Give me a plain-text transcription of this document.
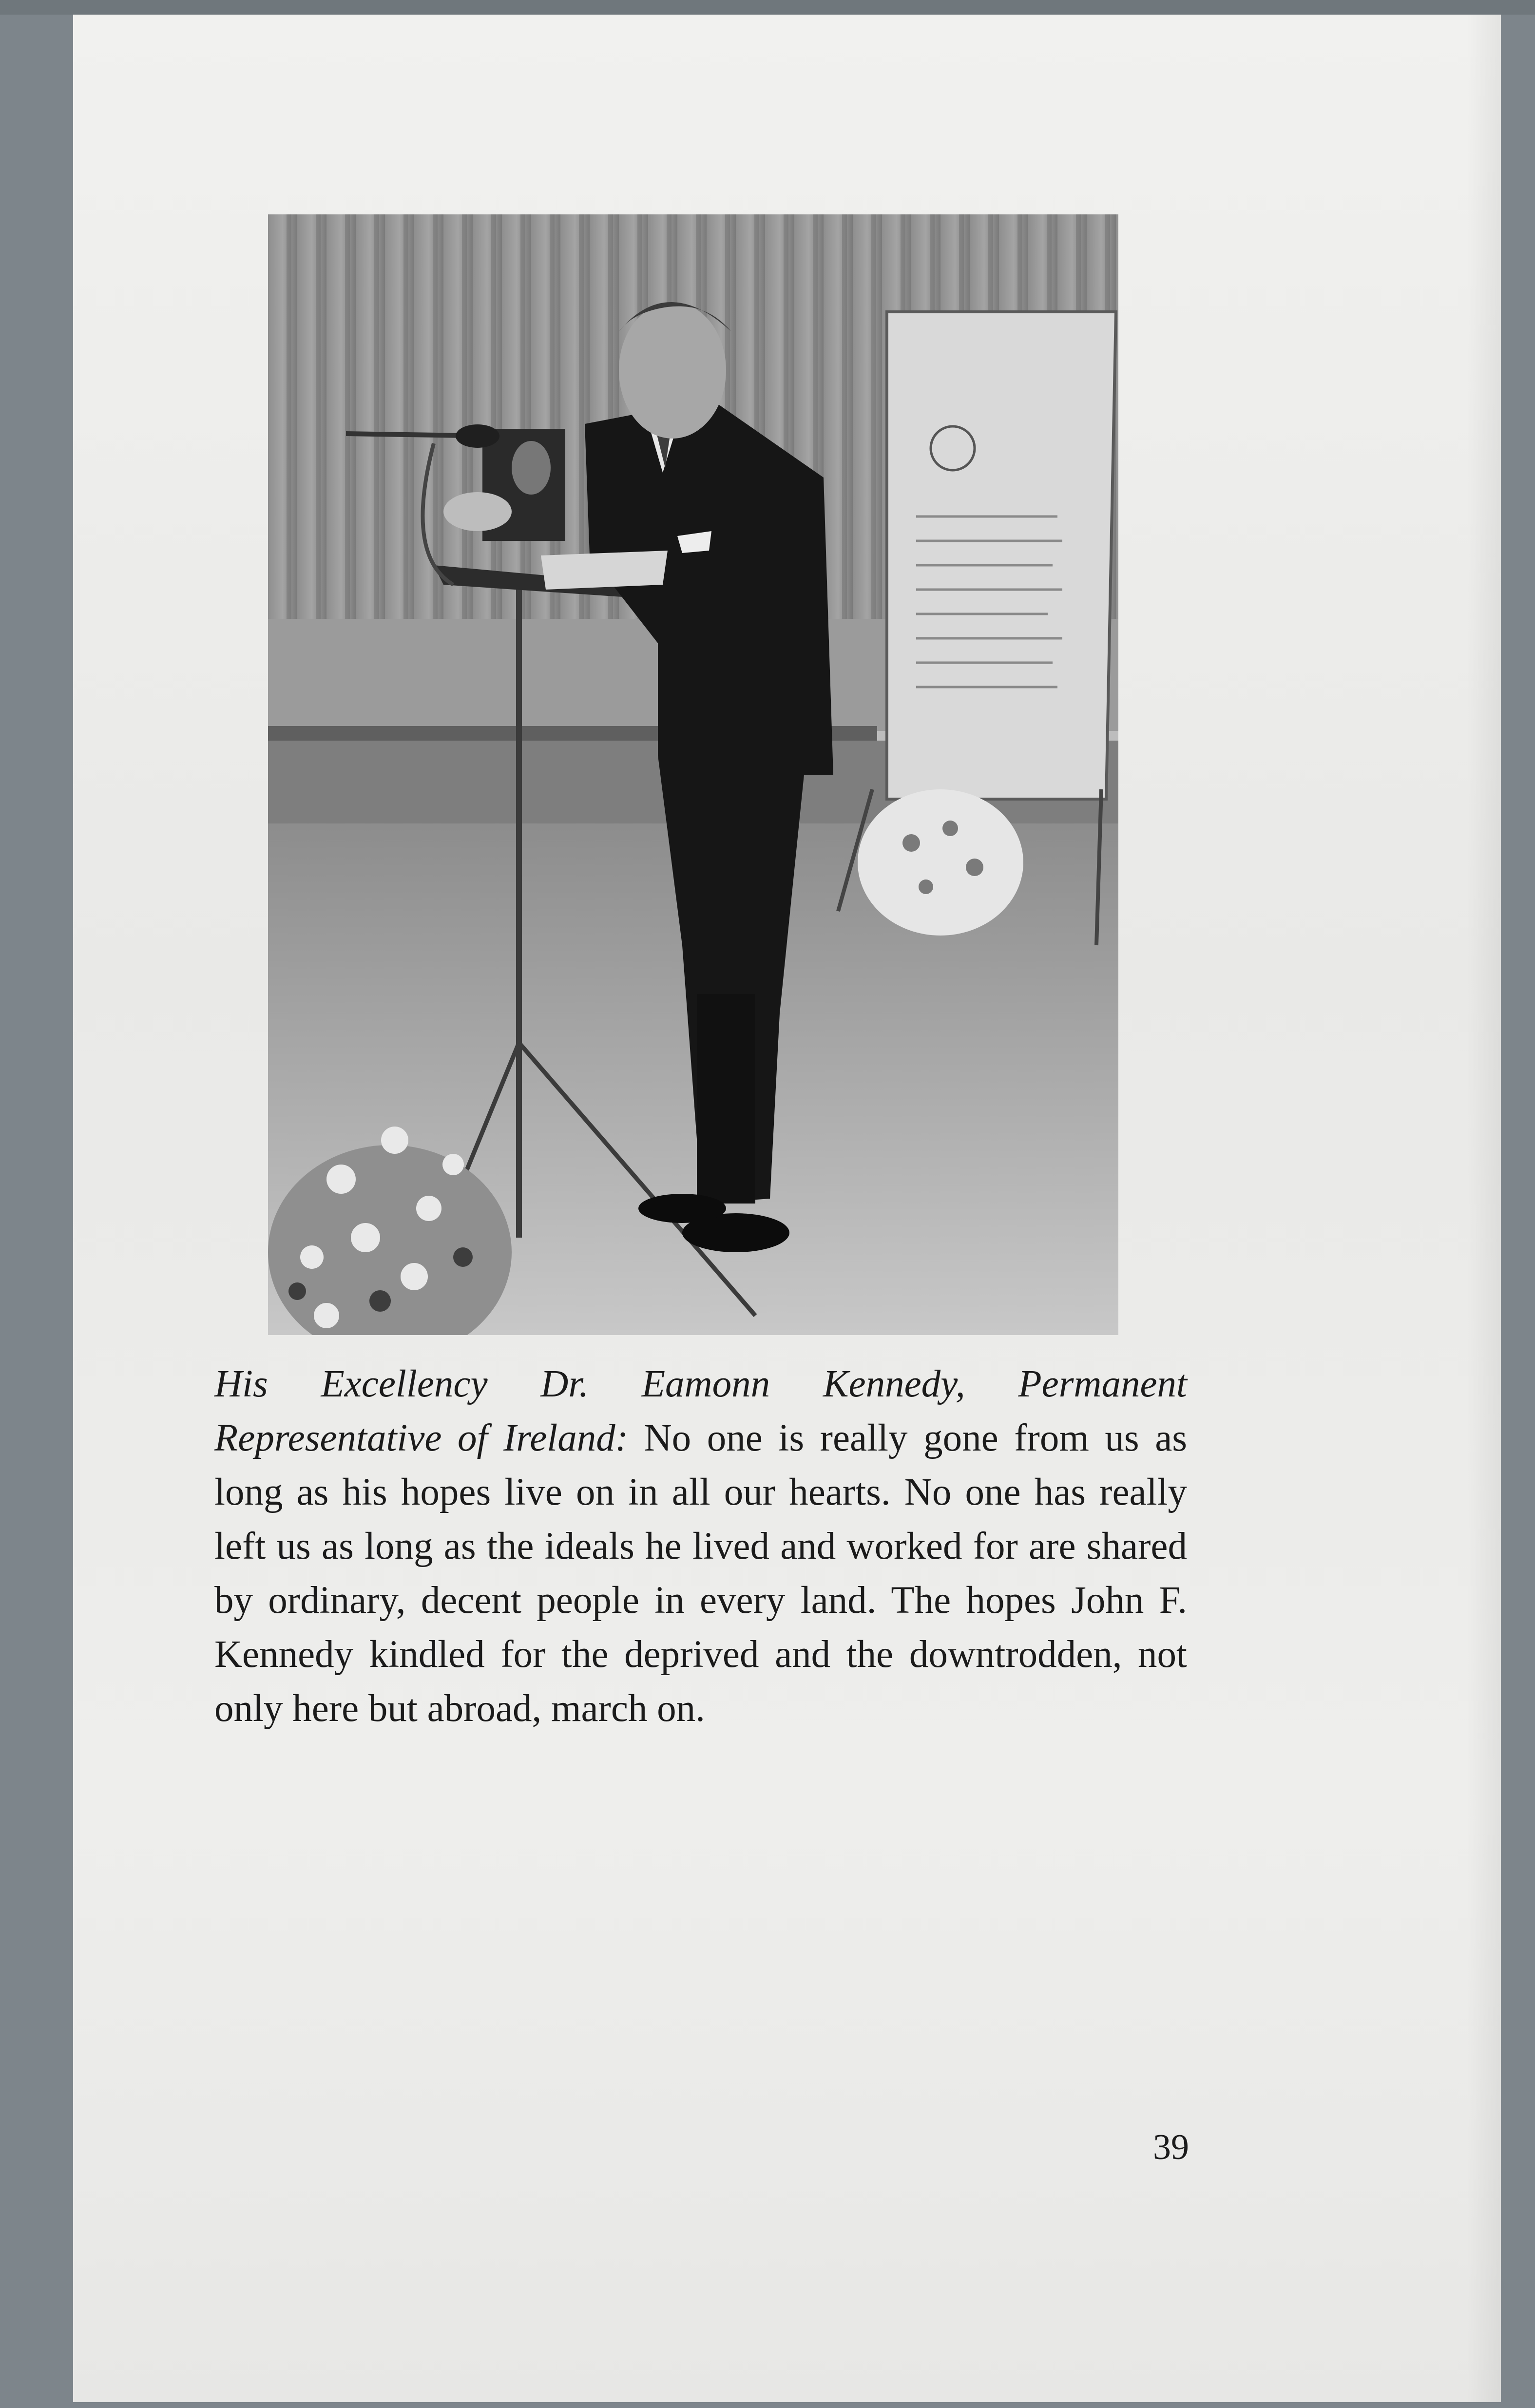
His Excellency Dr. Eamonn Kennedy, Permanent Representative of Ireland: No one is really gone from us as long as his hopes live on in all our hearts. No one has really left us as long as the ideals he lived and worked for are shared by ordinary, decent people in every land. The hopes John F. Kennedy kindled for the deprived and the downtrodden, not only here but abroad, march on.
39
